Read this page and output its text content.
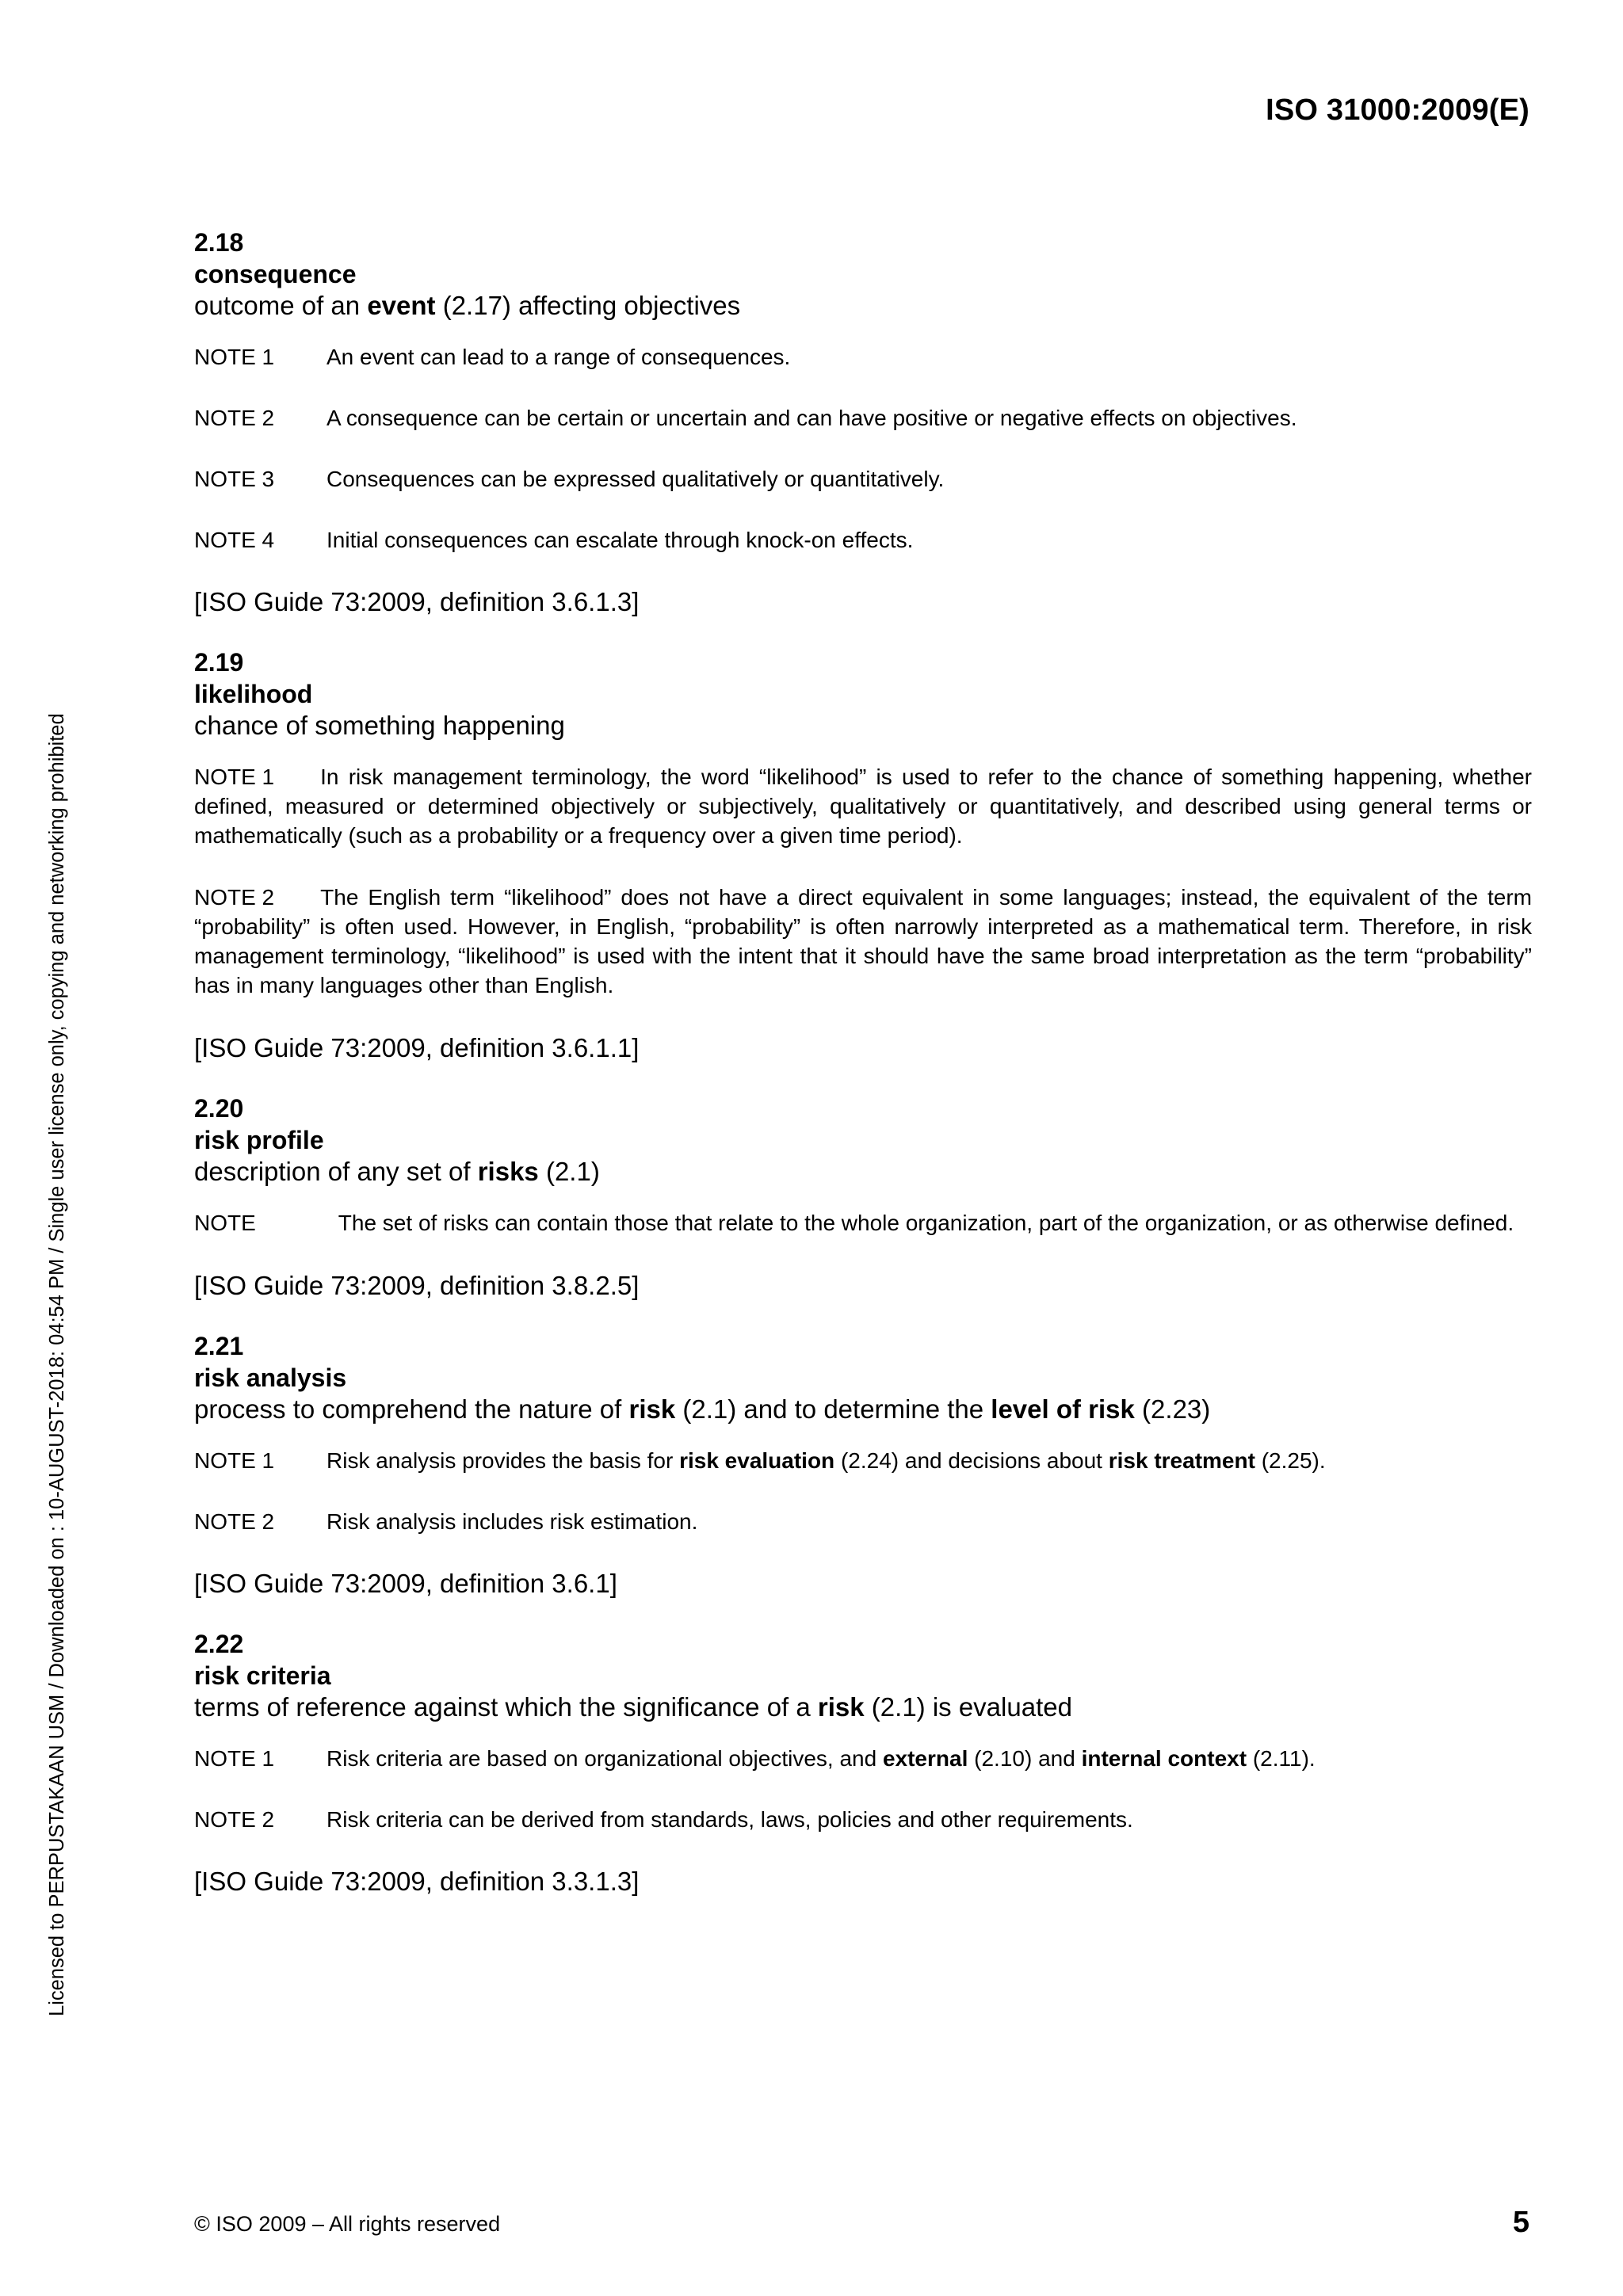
ISO 31000:2009(E)
Licensed to PERPUSTAKAAN USM / Downloaded on : 10-AUGUST-2018: 04:54 PM / Single user license only, copying and networking prohibited
2.18
consequence
outcome of an event (2.17) affecting objectives
NOTE 1 An event can lead to a range of consequences.
NOTE 2 A consequence can be certain or uncertain and can have positive or negative effects on objectives.
NOTE 3 Consequences can be expressed qualitatively or quantitatively.
NOTE 4 Initial consequences can escalate through knock-on effects.
[ISO Guide 73:2009, definition 3.6.1.3]
2.19
likelihood
chance of something happening
NOTE 1 In risk management terminology, the word “likelihood” is used to refer to the chance of something happening, whether defined, measured or determined objectively or subjectively, qualitatively or quantitatively, and described using general terms or mathematically (such as a probability or a frequency over a given time period).
NOTE 2 The English term “likelihood” does not have a direct equivalent in some languages; instead, the equivalent of the term “probability” is often used. However, in English, “probability” is often narrowly interpreted as a mathematical term. Therefore, in risk management terminology, “likelihood” is used with the intent that it should have the same broad interpretation as the term “probability” has in many languages other than English.
[ISO Guide 73:2009, definition 3.6.1.1]
2.20
risk profile
description of any set of risks (2.1)
NOTE	The set of risks can contain those that relate to the whole organization, part of the organization, or as otherwise defined.
[ISO Guide 73:2009, definition 3.8.2.5]
2.21
risk analysis
process to comprehend the nature of risk (2.1) and to determine the level of risk (2.23)
NOTE 1 Risk analysis provides the basis for risk evaluation (2.24) and decisions about risk treatment (2.25).
NOTE 2 Risk analysis includes risk estimation.
[ISO Guide 73:2009, definition 3.6.1]
2.22
risk criteria
terms of reference against which the significance of a risk (2.1) is evaluated
NOTE 1 Risk criteria are based on organizational objectives, and external (2.10) and internal context (2.11).
NOTE 2 Risk criteria can be derived from standards, laws, policies and other requirements.
[ISO Guide 73:2009, definition 3.3.1.3]
© ISO 2009 – All rights reserved	5
